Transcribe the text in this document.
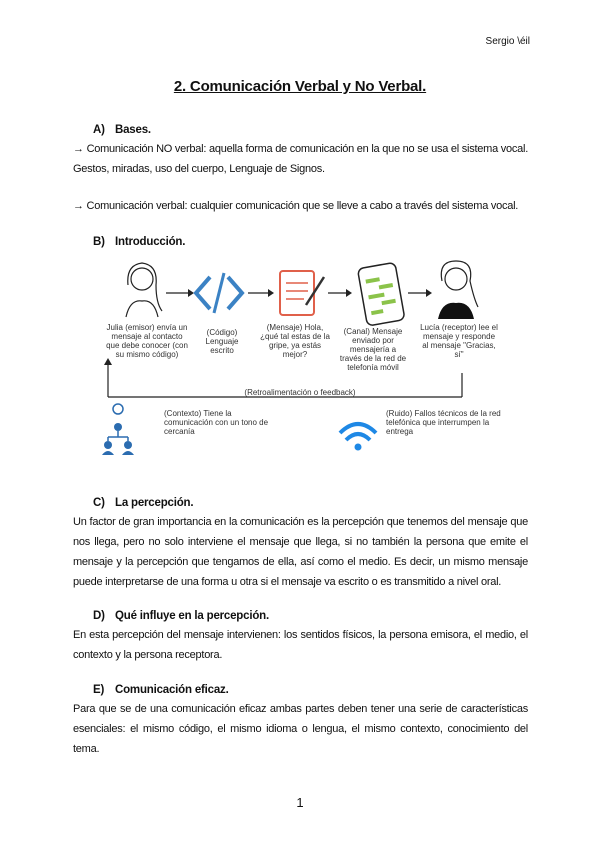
Sergio \éil
2. Comunicación Verbal y No Verbal.
A) Bases.

→ Comunicación NO verbal: aquella forma de comunicación en la que no se usa el sistema vocal. Gestos, miradas, uso del cuerpo, Lenguaje de Signos.

→ Comunicación verbal: cualquier comunicación que se lleve a cabo a través del sistema vocal.

B) Introducción.
Julia (emisor) envía un mensaje al contacto que debe conocer (con su mismo código)
(Código) Lenguaje escrito
(Mensaje) Hola, ¿qué tal estas de la gripe, ya estás mejor?
(Canal) Mensaje enviado por mensajería a través de la red de telefonía móvil
Lucía (receptor) lee el mensaje y responde al mensaje "Gracias, sí"
(Retroalimentación o feedback)
(Contexto) Tiene la comunicación con un tono de cercanía
(Ruido) Fallos técnicos de la red telefónica que interrumpen la entrega
C) La percepción.

Un factor de gran importancia en la comunicación es la percepción que tenemos del mensaje que nos llega, pero no solo interviene el mensaje que llega, si no también la persona que emite el mensaje y la percepción que tengamos de ella, así como el medio. Es decir, un mismo mensaje puede interpretarse de una forma u otra si el mensaje va escrito o es transmitido a nivel oral.

D) Qué influye en la percepción.

En esta percepción del mensaje intervienen: los sentidos físicos, la persona emisora, el medio, el contexto y la persona receptora.

E) Comunicación eficaz.

Para que se de una comunicación eficaz ambas partes deben tener una serie de características esenciales: el mismo código, el mismo idioma o lengua, el mismo contexto, conocimiento del tema.

1
